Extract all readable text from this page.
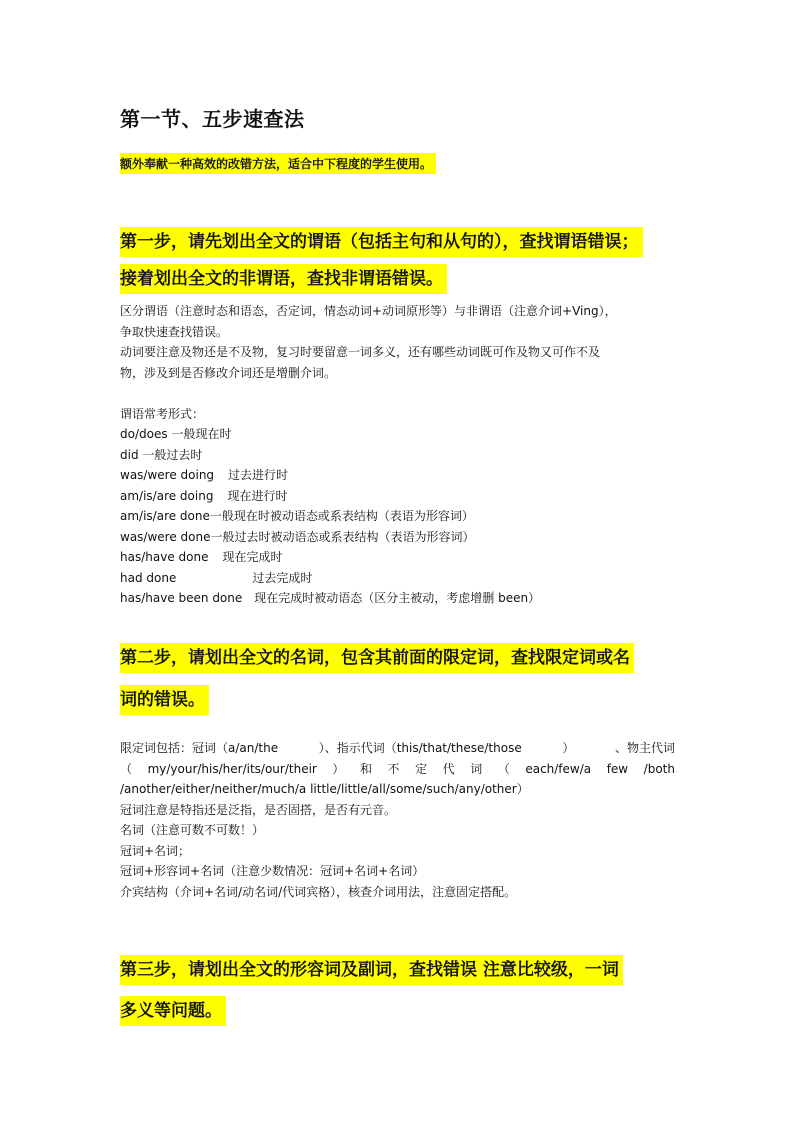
第一节、五步速查法
额外奉献一种高效的改错方法，适合中下程度的学生使用。
第一步，请先划出全文的谓语（包括主句和从句的），查找谓语错误；
接着划出全文的非谓语，查找非谓语错误。
区分谓语（注意时态和语态，否定词，情态动词+动词原形等）与非谓语（注意介词+Ving），
争取快速查找错误。
动词要注意及物还是不及物，复习时要留意一词多义，还有哪些动词既可作及物又可作不及
物，涉及到是否修改介词还是增删介词。
谓语常考形式：
do/does 一般现在时
did 一般过去时
was/were doing 过去进行时
am/is/are doing 现在进行时
am/is/are done一般现在时被动语态或系表结构（表语为形容词）
was/were done一般过去时被动语态或系表结构（表语为形容词）
has/have done 现在完成时
had done	过去完成时
has/have been done 现在完成时被动语态（区分主被动，考虑增删 been）
第二步，请划出全文的名词，包含其前面的限定词，查找限定词或名
词的错误。
限定词包括：冠词（a/an/the	）、指示代词（this/that/these/those	）	、物主代词
（ my/your/his/her/its/our/their ） 和 不 定 代 词 （ each/few/a few /both
/another/either/neither/much/a little/little/all/some/such/any/other）
冠词注意是特指还是泛指，是否固搭，是否有元音。
名词（注意可数不可数！）
冠词+名词；
冠词+形容词+名词（注意少数情况：冠词+名词+名词）
介宾结构（介词+名词/动名词/代词宾格），核查介词用法，注意固定搭配。
第三步，请划出全文的形容词及副词，查找错误 注意比较级，一词
多义等问题。
